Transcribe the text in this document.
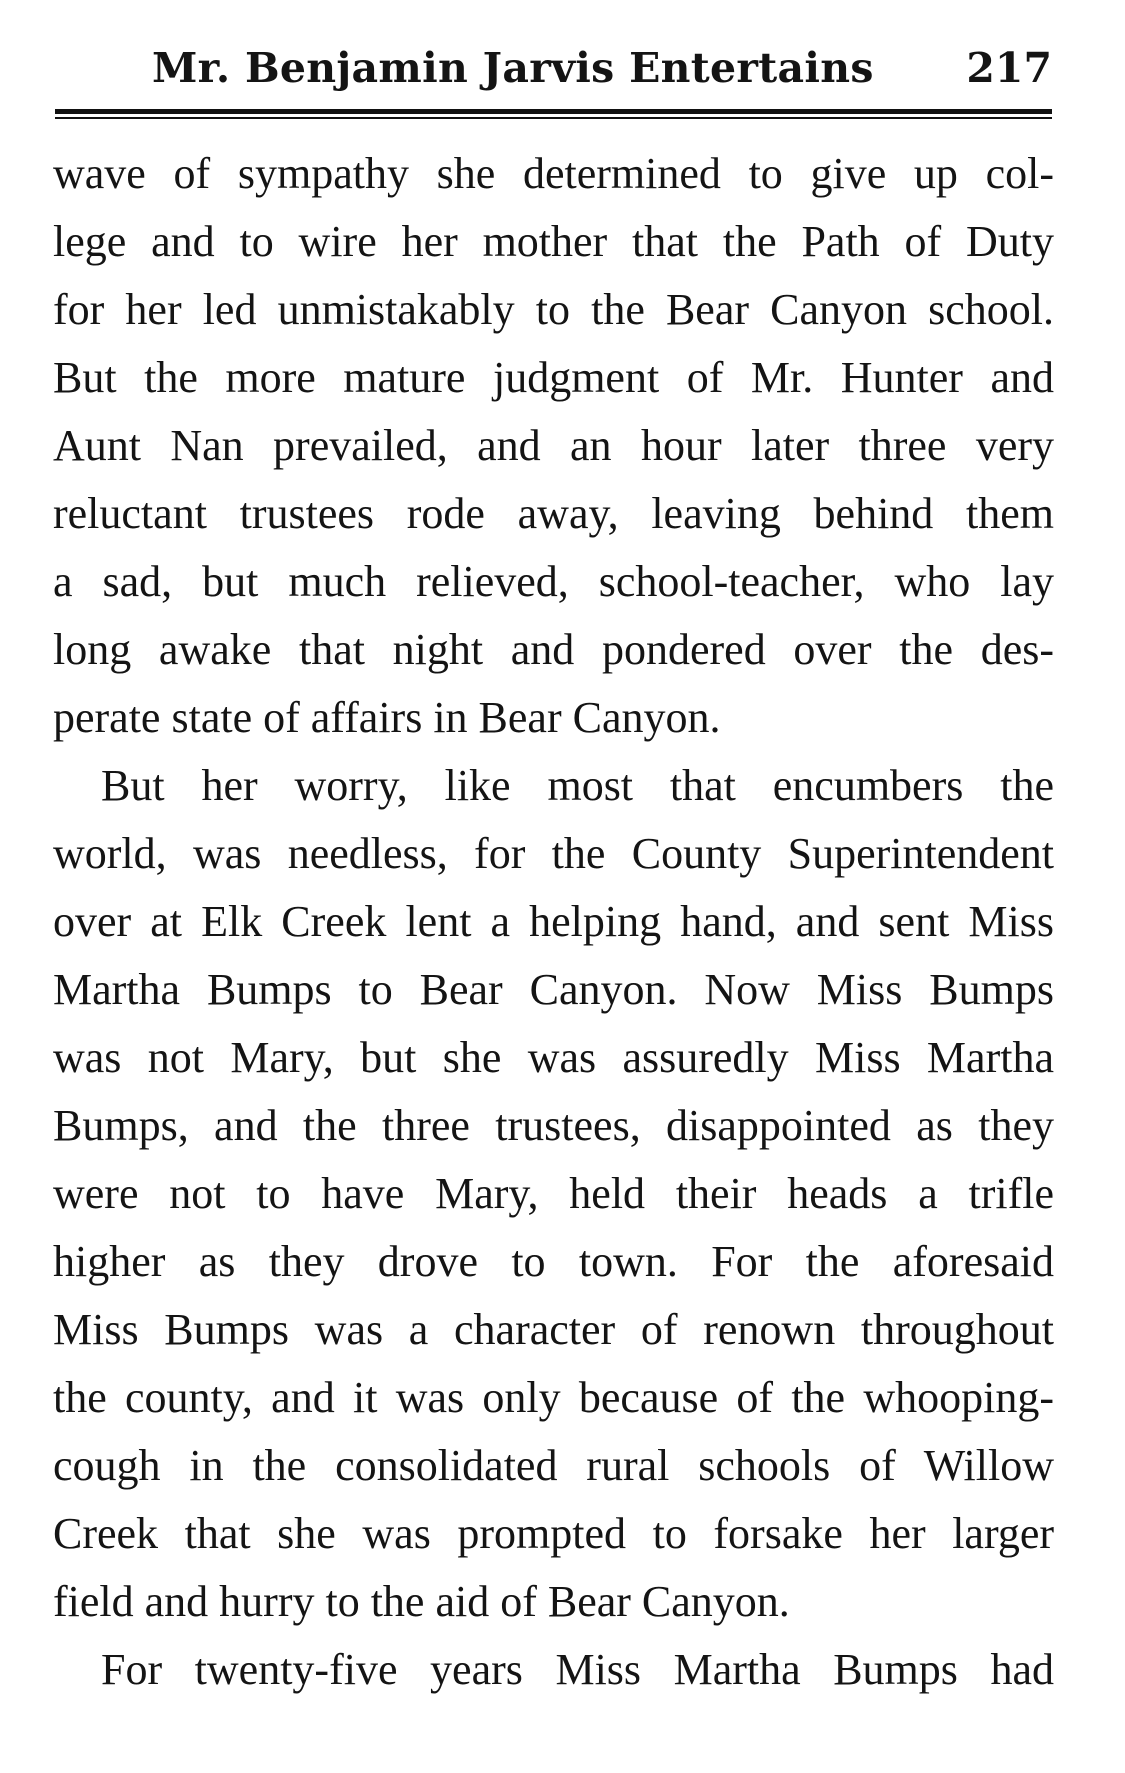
Mr. Benjamin Jarvis Entertains 217
wave of sympathy she determined to give up col-
lege and to wire her mother that the Path of Duty
for her led unmistakably to the Bear Canyon school.
But the more mature judgment of Mr. Hunter and
Aunt Nan prevailed, and an hour later three very
reluctant trustees rode away, leaving behind them
a sad, but much relieved, school-teacher, who lay
long awake that night and pondered over the des-
perate state of affairs in Bear Canyon.
But her worry, like most that encumbers the
world, was needless, for the County Superintendent
over at Elk Creek lent a helping hand, and sent Miss
Martha Bumps to Bear Canyon. Now Miss Bumps
was not Mary, but she was assuredly Miss Martha
Bumps, and the three trustees, disappointed as they
were not to have Mary, held their heads a trifle
higher as they drove to town. For the aforesaid
Miss Bumps was a character of renown throughout
the county, and it was only because of the whooping-
cough in the consolidated rural schools of Willow
Creek that she was prompted to forsake her larger
field and hurry to the aid of Bear Canyon.
For twenty-five years Miss Martha Bumps had
